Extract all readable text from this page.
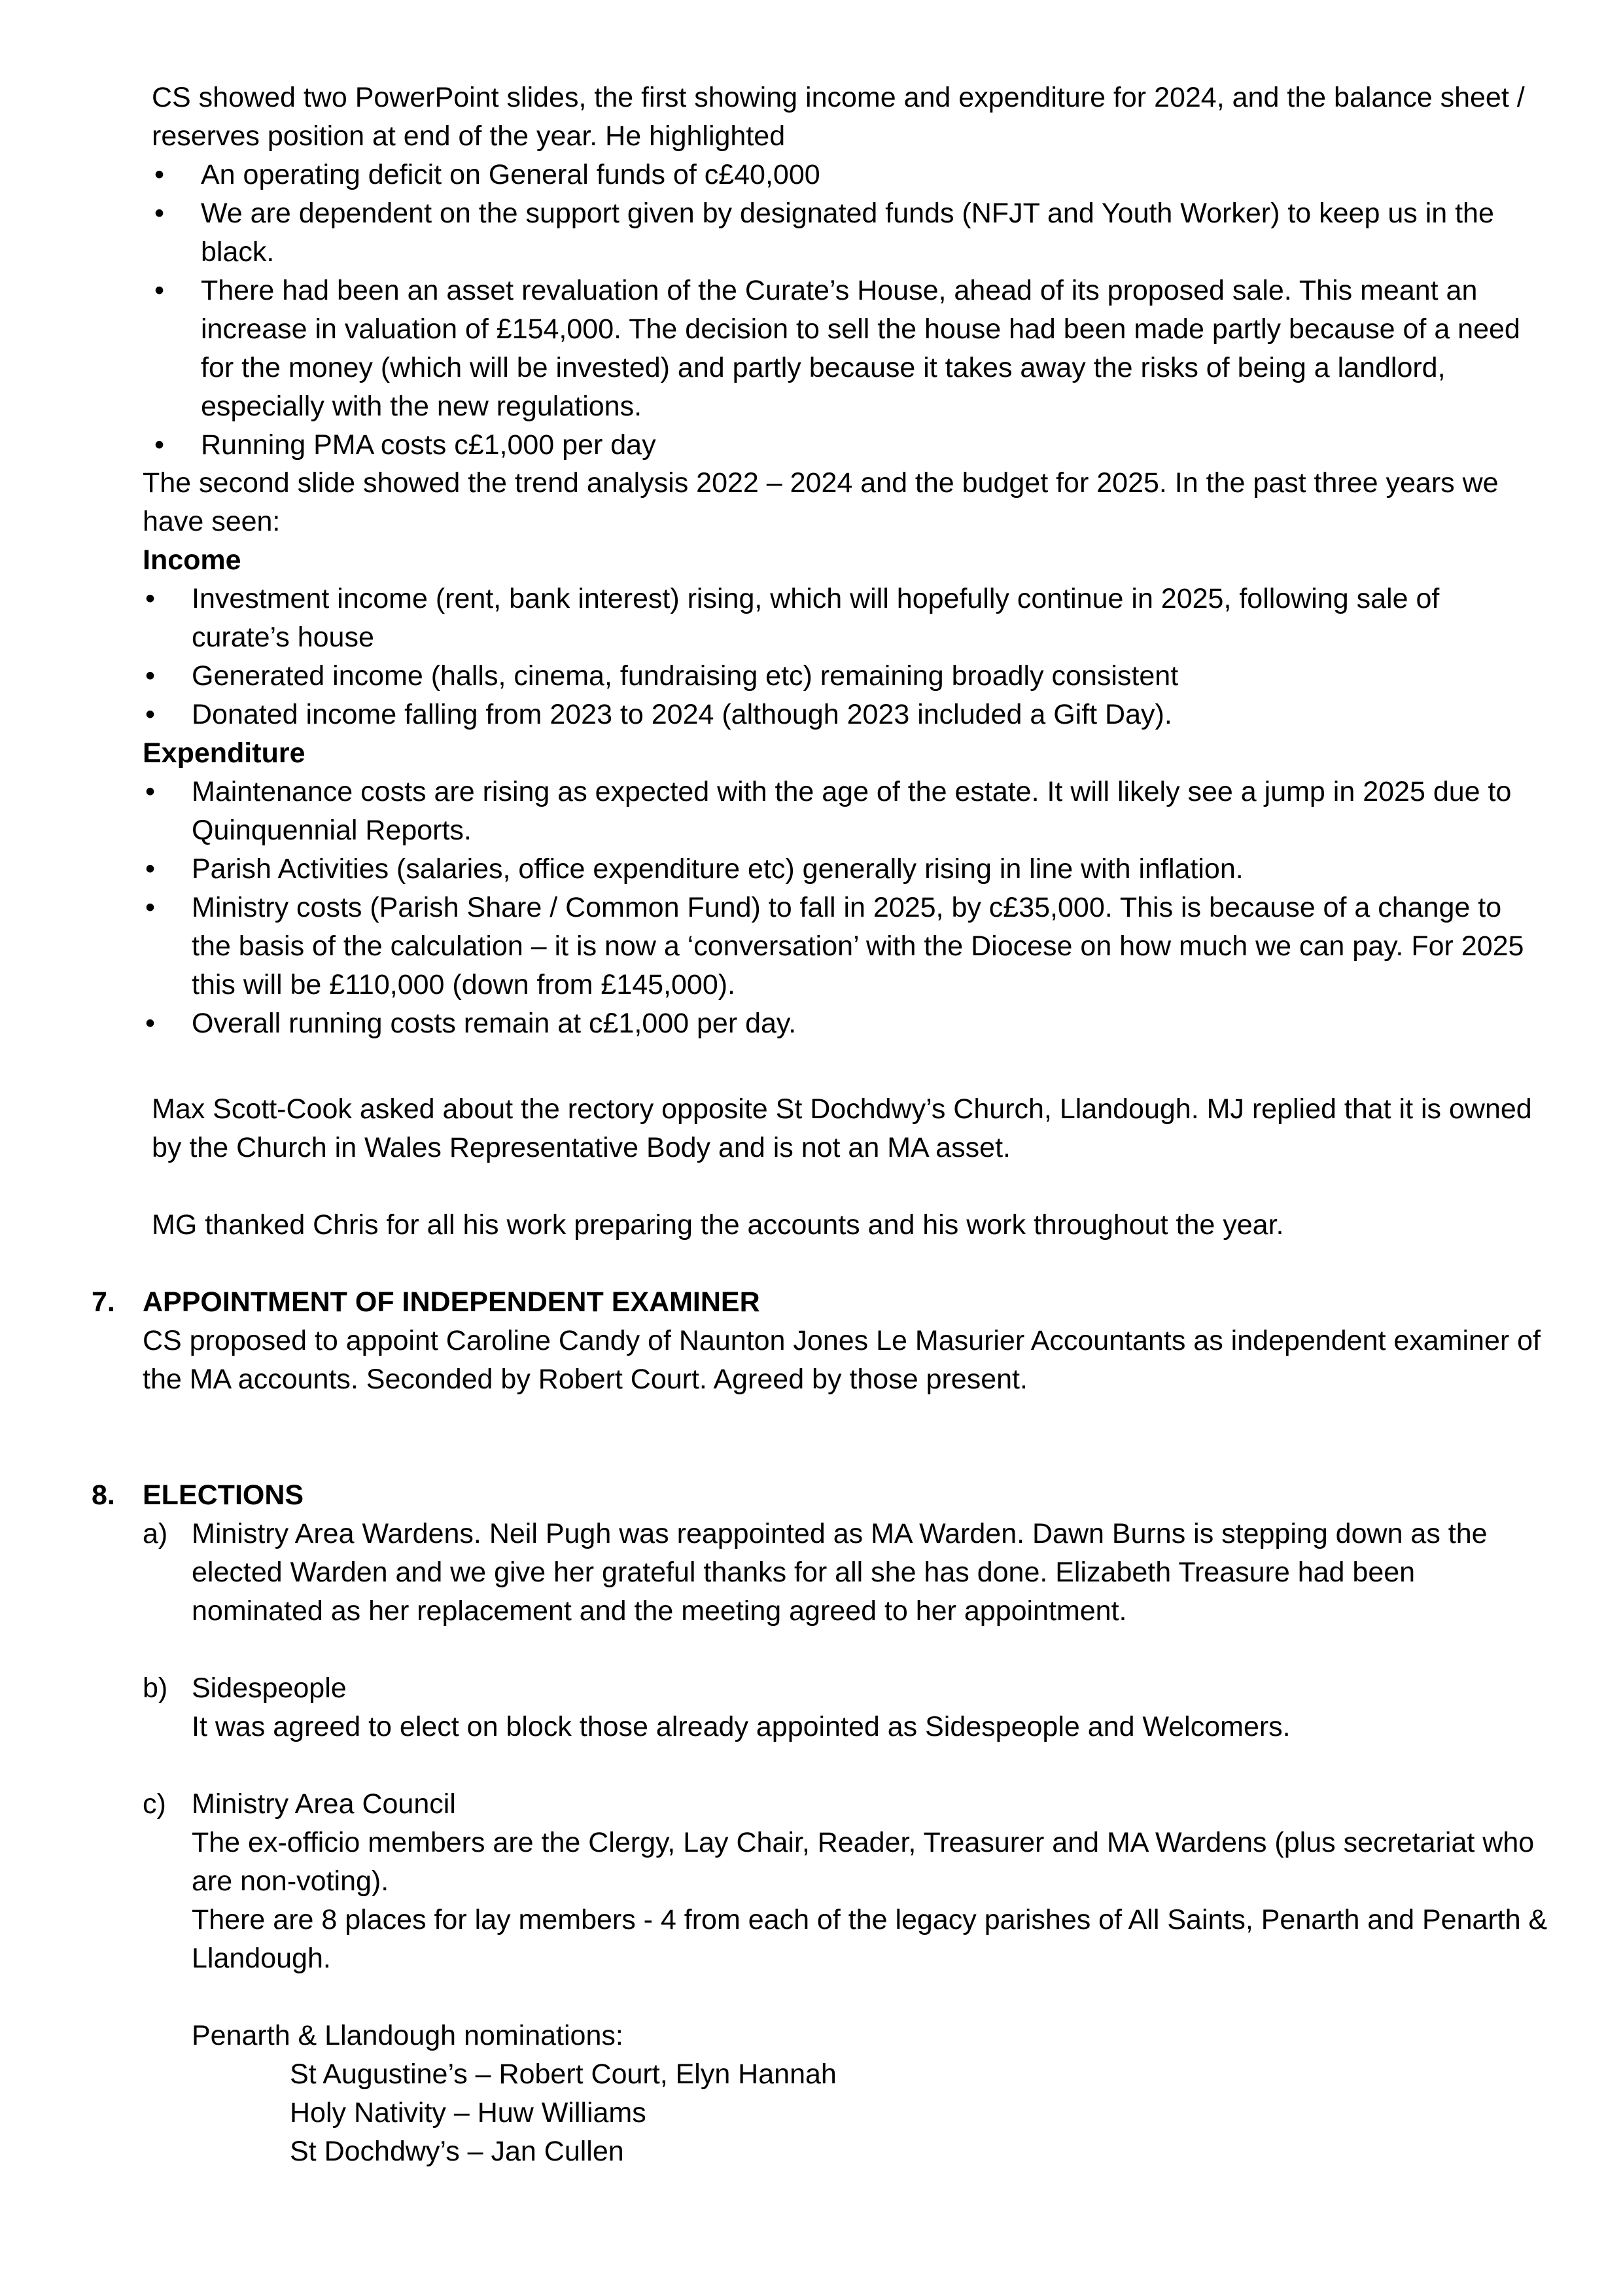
CS showed two PowerPoint slides, the first showing income and expenditure for 2024, and the balance sheet / reserves position at end of the year. He highlighted

• An operating deficit on General funds of c£40,000
• We are dependent on the support given by designated funds (NFJT and Youth Worker) to keep us in the black.
• There had been an asset revaluation of the Curate’s House, ahead of its proposed sale. This meant an increase in valuation of £154,000. The decision to sell the house had been made partly because of a need for the money (which will be invested) and partly because it takes away the risks of being a landlord, especially with the new regulations.
• Running PMA costs c£1,000 per day

The second slide showed the trend analysis 2022 – 2024 and the budget for 2025. In the past three years we have seen:

Income

• Investment income (rent, bank interest) rising, which will hopefully continue in 2025, following sale of curate’s house
• Generated income (halls, cinema, fundraising etc) remaining broadly consistent
• Donated income falling from 2023 to 2024 (although 2023 included a Gift Day).

Expenditure

• Maintenance costs are rising as expected with the age of the estate. It will likely see a jump in 2025 due to Quinquennial Reports.
• Parish Activities (salaries, office expenditure etc) generally rising in line with inflation.
• Ministry costs (Parish Share / Common Fund) to fall in 2025, by c£35,000. This is because of a change to the basis of the calculation – it is now a ‘conversation’ with the Diocese on how much we can pay. For 2025 this will be £110,000 (down from £145,000).
• Overall running costs remain at c£1,000 per day.

Max Scott-Cook asked about the rectory opposite St Dochdwy’s Church, Llandough. MJ replied that it is owned by the Church in Wales Representative Body and is not an MA asset.

MG thanked Chris for all his work preparing the accounts and his work throughout the year.

7. APPOINTMENT OF INDEPENDENT EXAMINER

CS proposed to appoint Caroline Candy of Naunton Jones Le Masurier Accountants as independent examiner of the MA accounts. Seconded by Robert Court. Agreed by those present.

8. ELECTIONS

a) Ministry Area Wardens. Neil Pugh was reappointed as MA Warden. Dawn Burns is stepping down as the elected Warden and we give her grateful thanks for all she has done. Elizabeth Treasure had been nominated as her replacement and the meeting agreed to her appointment.

b) Sidespeople

It was agreed to elect on block those already appointed as Sidespeople and Welcomers.

c) Ministry Area Council

The ex-officio members are the Clergy, Lay Chair, Reader, Treasurer and MA Wardens (plus secretariat who are non-voting).

There are 8 places for lay members - 4 from each of the legacy parishes of All Saints, Penarth and Penarth & Llandough.

Penarth & Llandough nominations:

St Augustine’s – Robert Court, Elyn Hannah

Holy Nativity – Huw Williams

St Dochdwy’s – Jan Cullen
